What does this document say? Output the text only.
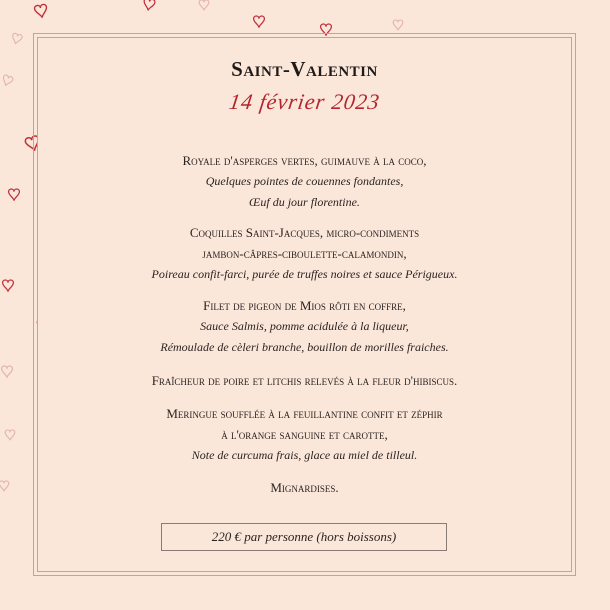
Saint-Valentin
14 février 2023
Royale d'asperges vertes, guimauve à la coco,
Quelques pointes de couennes fondantes,
Œuf du jour florentine.
Coquilles Saint-Jacques, micro-condiments
jambon-câpres-ciboulette-calamondin,
Poireau confit-farci, purée de truffes noires et sauce Périgueux.
Filet de pigeon de Mios rôti en coffre,
Sauce Salmis, pomme acidulée à la liqueur,
Rémoulade de cèleri branche, bouillon de morilles fraiches.
Fraîcheur de poire et litchis relevés à la fleur d'hibiscus.
Meringue soufflée à la feuillantine confit et zéphir
à l'orange sanguine et carotte,
Note de curcuma frais, glace au miel de tilleul.
Mignardises.
220 € par personne (hors boissons)
